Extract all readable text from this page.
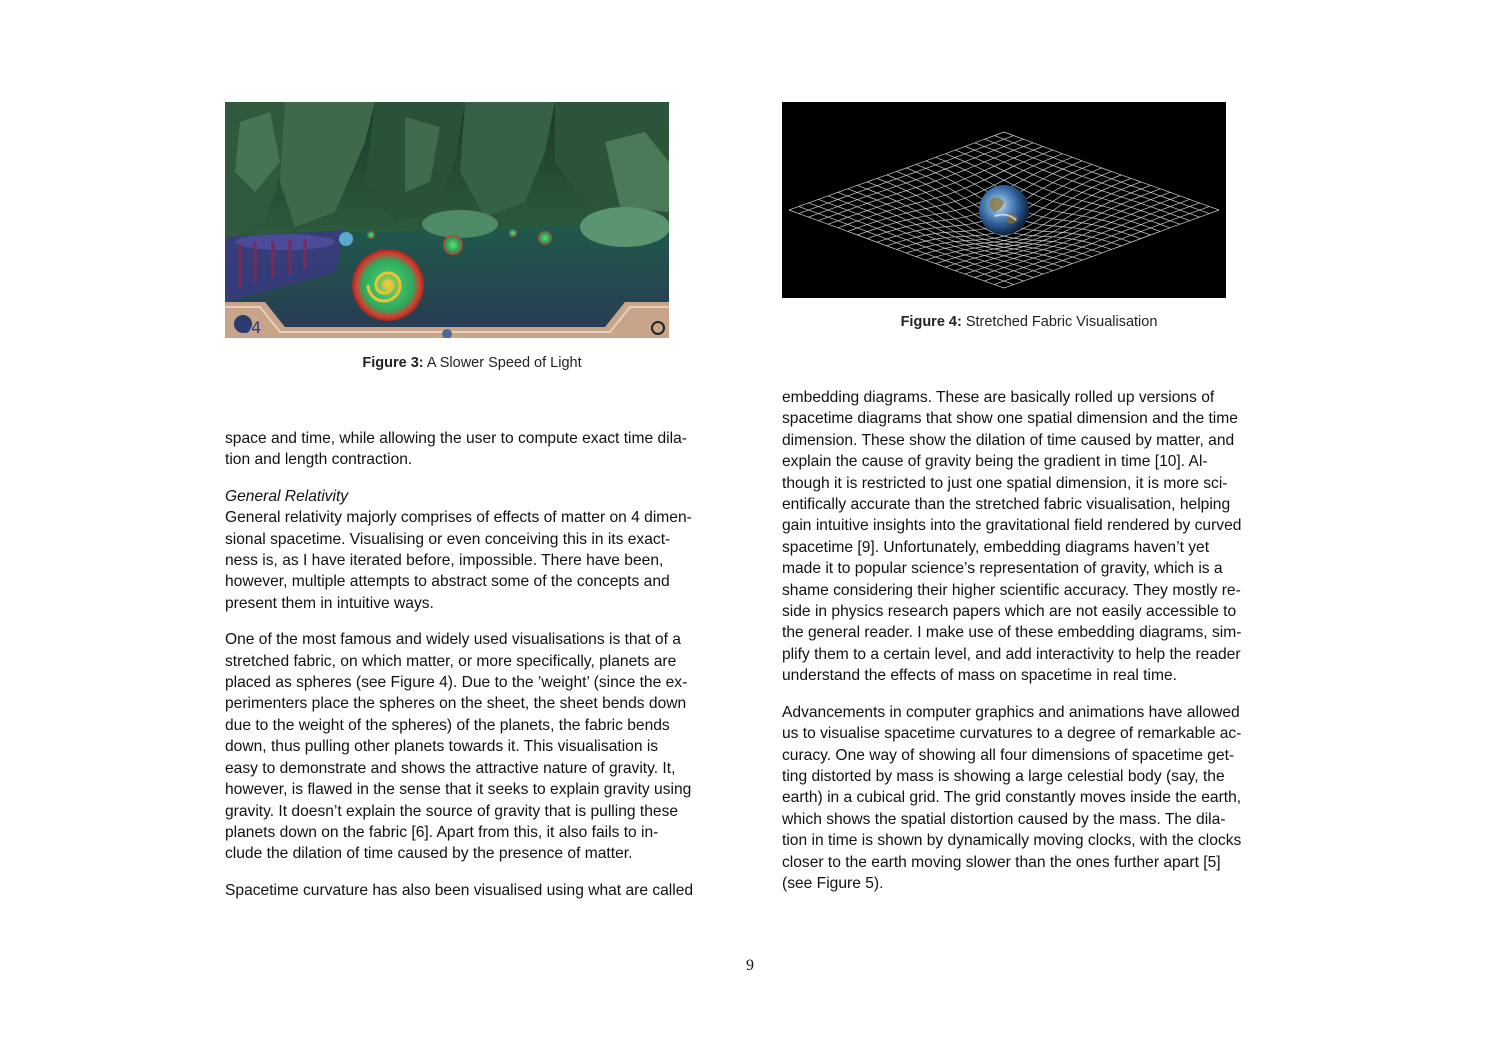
54
Figure 3: A Slower Speed of Light
Figure 4: Stretched Fabric Visualisation

space and time, while allowing the user to compute exact time dila-
tion and length contraction.

General Relativity
General relativity majorly comprises of effects of matter on 4 dimen-
sional spacetime. Visualising or even conceiving this in its exact-
ness is, as I have iterated before, impossible. There have been,
however, multiple attempts to abstract some of the concepts and
present them in intuitive ways.

One of the most famous and widely used visualisations is that of a
stretched fabric, on which matter, or more specifically, planets are
placed as spheres (see Figure 4). Due to the ’weight’ (since the ex-
perimenters place the spheres on the sheet, the sheet bends down
due to the weight of the spheres) of the planets, the fabric bends
down, thus pulling other planets towards it. This visualisation is
easy to demonstrate and shows the attractive nature of gravity. It,
however, is flawed in the sense that it seeks to explain gravity using
gravity. It doesn’t explain the source of gravity that is pulling these
planets down on the fabric [6]. Apart from this, it also fails to in-
clude the dilation of time caused by the presence of matter.

Spacetime curvature has also been visualised using what are called

embedding diagrams. These are basically rolled up versions of
spacetime diagrams that show one spatial dimension and the time
dimension. These show the dilation of time caused by matter, and
explain the cause of gravity being the gradient in time [10]. Al-
though it is restricted to just one spatial dimension, it is more sci-
entifically accurate than the stretched fabric visualisation, helping
gain intuitive insights into the gravitational field rendered by curved
spacetime [9]. Unfortunately, embedding diagrams haven’t yet
made it to popular science’s representation of gravity, which is a
shame considering their higher scientific accuracy. They mostly re-
side in physics research papers which are not easily accessible to
the general reader. I make use of these embedding diagrams, sim-
plify them to a certain level, and add interactivity to help the reader
understand the effects of mass on spacetime in real time.

Advancements in computer graphics and animations have allowed
us to visualise spacetime curvatures to a degree of remarkable ac-
curacy. One way of showing all four dimensions of spacetime get-
ting distorted by mass is showing a large celestial body (say, the
earth) in a cubical grid. The grid constantly moves inside the earth,
which shows the spatial distortion caused by the mass. The dila-
tion in time is shown by dynamically moving clocks, with the clocks
closer to the earth moving slower than the ones further apart [5]
(see Figure 5).

9
